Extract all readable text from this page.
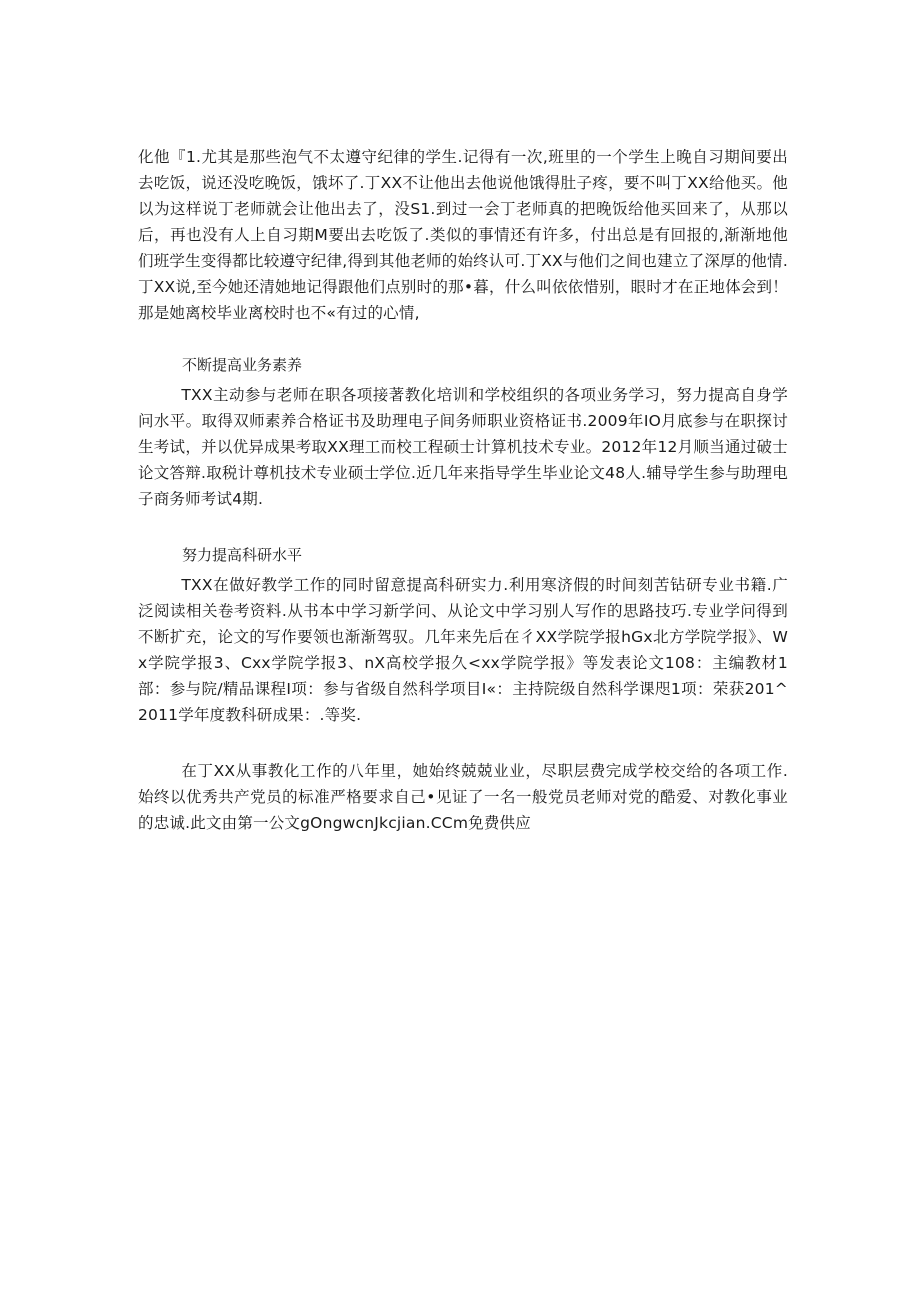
化他『1.尤其是那些泡气不太遵守纪律的学生.记得有一次,班里的一个学生上晚自习期间要出去吃饭，说还没吃晚饭，饿坏了.丁XX不让他出去他说他饿得肚子疼，要不叫丁XX给他买。他以为这样说丁老师就会让他出去了，没S1.到过一会丁老师真的把晚饭给他买回来了，从那以后，再也没有人上自习期M要出去吃饭了.类似的事情还有许多，付出总是有回报的,渐渐地他们班学生变得都比较遵守纪律,得到其他老师的始终认可.丁XX与他们之间也建立了深厚的他情.丁XX说,至今她还清她地记得跟他们点别时的那•暮，什么叫依依惜别，眼时才在正地体会到！那是她离校毕业离校时也不«有过的心情,

不断提高业务素养

TXX主动参与老师在职各项接著教化培训和学校组织的各项业务学习，努力提高自身学问水平。取得双师素养合格证书及助理电子间务师职业资格证书.2009年IO月底参与在职探讨生考试，并以优异成果考取XX理工而校工程硕士计算机技术专业。2012年12月顺当通过破士论文答辩.取税计尊机技术专业硕士学位.近几年来指导学生毕业论文48人.辅导学生参与助理电子商务师考试4期.

努力提高科研水平

TXX在做好教学工作的同时留意提高科研实力.利用寒济假的时间刻苦钻研专业书籍.广泛阅读相关卷考资料.从书本中学习新学问、从论文中学习别人写作的思路技巧.专业学问得到不断扩充，论文的写作要领也渐渐驾驭。几年来先后在彳XX学院学报hGx北方学院学报》、Wx学院学报3、Cxx学院学报3、nX高校学报久<xx学院学报》等发表论文108：主编教材1部：参与院/精品课程I项：参与省级自然科学项目I«：主持院级自然科学课咫1项：荣获201^2011学年度教科研成果：.等奖.

在丁XX从事教化工作的八年里，她始终兢兢业业，尽职层费完成学校交给的各项工作.始终以优秀共产党员的标准严格要求自己•见证了一名一般党员老师对党的酷爱、对教化事业的忠诚.此文由第一公文gOngwcnJkcjian.CCm免费供应
